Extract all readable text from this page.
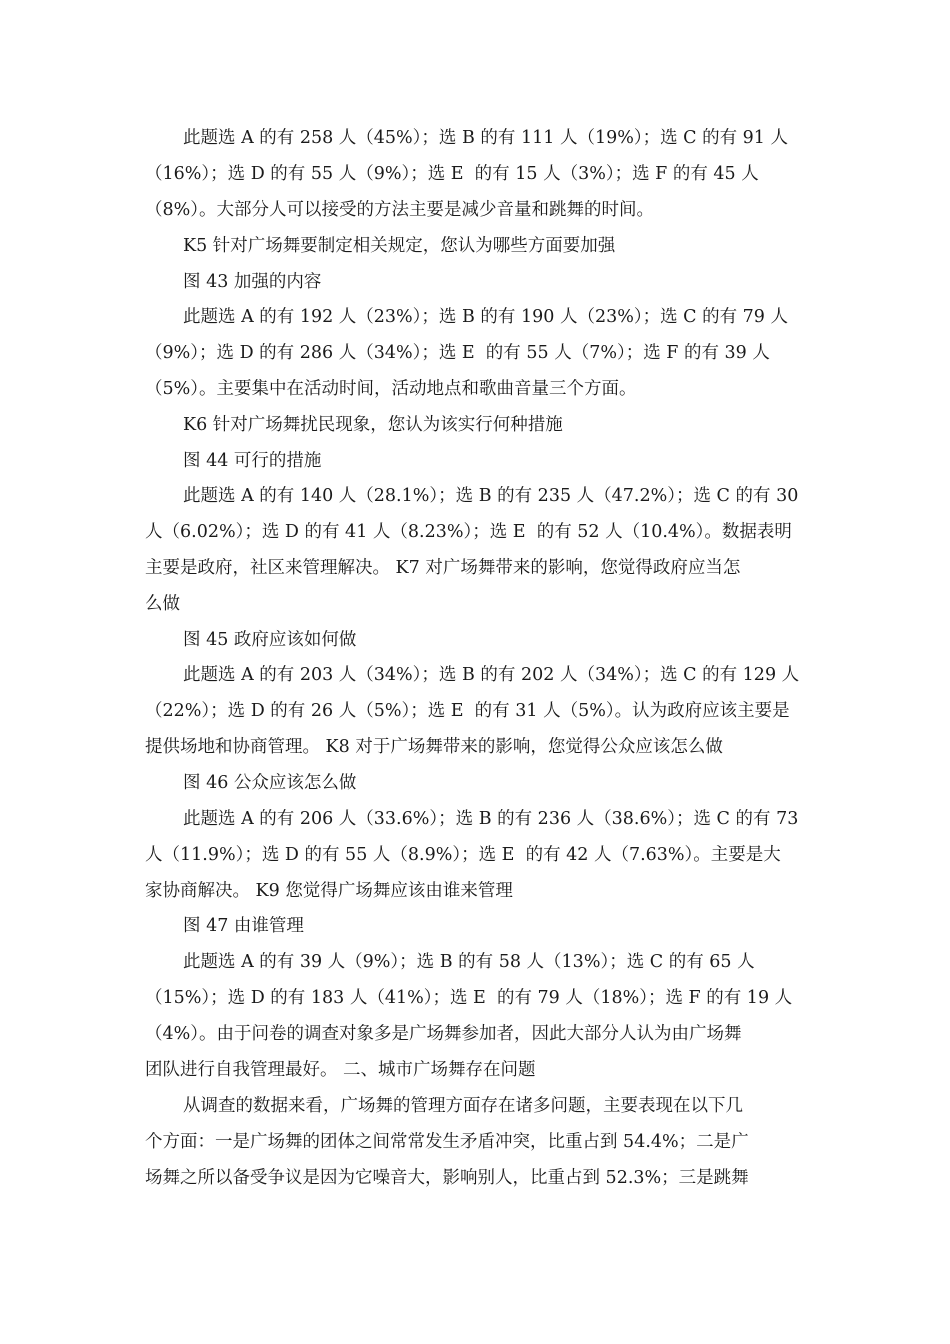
此题选 A 的有 258 人（45%）；选 B 的有 111 人（19%）；选 C 的有 91 人
（16%）；选 D 的有 55 人（9%）；选 E  的有 15 人（3%）；选 F 的有 45 人
（8%）。大部分人可以接受的方法主要是减少音量和跳舞的时间。
K5 针对广场舞要制定相关规定，您认为哪些方面要加强
图 43 加强的内容
此题选 A 的有 192 人（23%）；选 B 的有 190 人（23%）；选 C 的有 79 人
（9%）；选 D 的有 286 人（34%）；选 E  的有 55 人（7%）；选 F 的有 39 人
（5%）。主要集中在活动时间，活动地点和歌曲音量三个方面。
K6 针对广场舞扰民现象，您认为该实行何种措施
图 44 可行的措施
此题选 A 的有 140 人（28.1%）；选 B 的有 235 人（47.2%）；选 C 的有 30
人（6.02%）；选 D 的有 41 人（8.23%）；选 E  的有 52 人（10.4%）。数据表明
主要是政府，社区来管理解决。 K7 对广场舞带来的影响，您觉得政府应当怎
么做
图 45 政府应该如何做
此题选 A 的有 203 人（34%）；选 B 的有 202 人（34%）；选 C 的有 129 人
（22%）；选 D 的有 26 人（5%）；选 E  的有 31 人（5%）。认为政府应该主要是
提供场地和协商管理。 K8 对于广场舞带来的影响，您觉得公众应该怎么做
图 46 公众应该怎么做
此题选 A 的有 206 人（33.6%）；选 B 的有 236 人（38.6%）；选 C 的有 73
人（11.9%）；选 D 的有 55 人（8.9%）；选 E  的有 42 人（7.63%）。主要是大
家协商解决。 K9 您觉得广场舞应该由谁来管理
图 47 由谁管理
此题选 A 的有 39 人（9%）；选 B 的有 58 人（13%）；选 C 的有 65 人
（15%）；选 D 的有 183 人（41%）；选 E  的有 79 人（18%）；选 F 的有 19 人
（4%）。由于问卷的调查对象多是广场舞参加者，因此大部分人认为由广场舞
团队进行自我管理最好。 二、城市广场舞存在问题
从调查的数据来看，广场舞的管理方面存在诸多问题，主要表现在以下几
个方面：一是广场舞的团体之间常常发生矛盾冲突，比重占到 54.4%；二是广
场舞之所以备受争议是因为它噪音大，影响别人，比重占到 52.3%；三是跳舞
